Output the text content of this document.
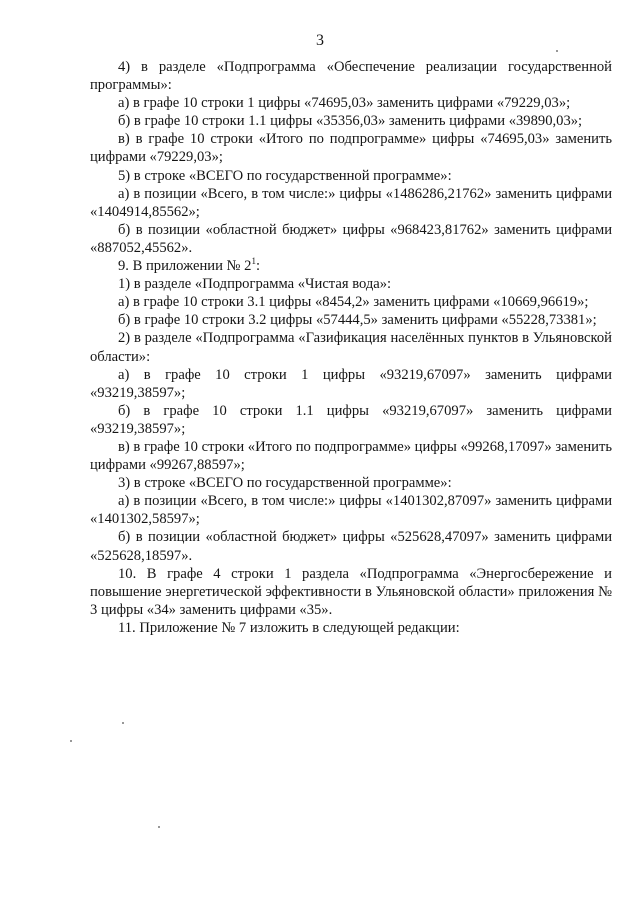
3

4) в разделе «Подпрограмма «Обеспечение реализации государственной программы»:

а) в графе 10 строки 1 цифры «74695,03» заменить цифрами «79229,03»;

б) в графе 10 строки 1.1 цифры «35356,03» заменить цифрами «39890,03»;

в) в графе 10 строки «Итого по подпрограмме» цифры «74695,03» заменить цифрами «79229,03»;

5) в строке «ВСЕГО по государственной программе»:

а) в позиции «Всего, в том числе:» цифры «1486286,21762» заменить цифрами «1404914,85562»;

б) в позиции «областной бюджет» цифры «968423,81762» заменить цифрами «887052,45562».

9. В приложении № $2^1$:

1) в разделе «Подпрограмма «Чистая вода»:

а) в графе 10 строки 3.1 цифры «8454,2» заменить цифрами «10669,96619»;

б) в графе 10 строки 3.2 цифры «57444,5» заменить цифрами «55228,73381»;

2) в разделе «Подпрограмма «Газификация населённых пунктов в Ульяновской области»:

а) в графе 10 строки 1 цифры «93219,67097» заменить цифрами «93219,38597»;

б) в графе 10 строки 1.1 цифры «93219,67097» заменить цифрами «93219,38597»;

в) в графе 10 строки «Итого по подпрограмме» цифры «99268,17097» заменить цифрами «99267,88597»;

3) в строке «ВСЕГО по государственной программе»:

а) в позиции «Всего, в том числе:» цифры «1401302,87097» заменить цифрами «1401302,58597»;

б) в позиции «областной бюджет» цифры «525628,47097» заменить цифрами «525628,18597».

10. В графе 4 строки 1 раздела «Подпрограмма «Энергосбережение и повышение энергетической эффективности в Ульяновской области» приложения № 3 цифры «34» заменить цифрами «35».

11. Приложение № 7 изложить в следующей редакции:
